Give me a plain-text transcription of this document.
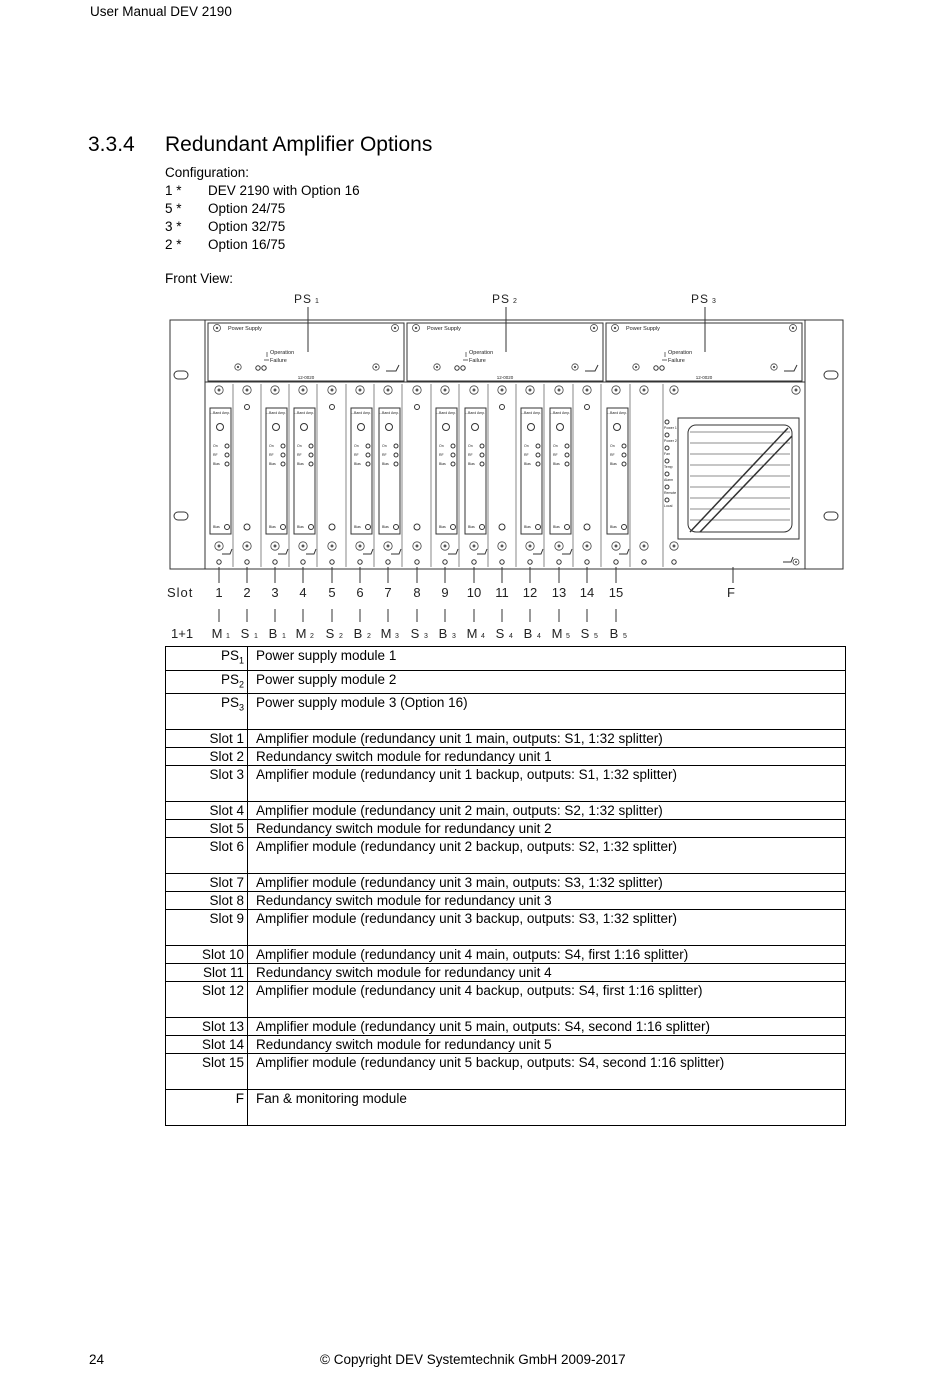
User Manual DEV 2190
3.3.4 Redundant Amplifier Options
Configuration:
1 * DEV 2190 with Option 16
5 * Option 24/75
3 * Option 32/75
2 * Option 16/75
Front View:
Power Supply
Operation
Failure
12-0020
PS 1
Power Supply
Operation
Failure
12-0020
PS 2
Power Supply
Operation
Failure
12-0020
PS 3
L-Band Amp.
On
RF
Bias
Bias
1
M 1
2
S 1
L-Band Amp.
On
RF
Bias
Bias
3
B 1
L-Band Amp.
On
RF
Bias
Bias
4
M 2
5
S 2
L-Band Amp.
On
RF
Bias
Bias
6
B 2
L-Band Amp.
On
RF
Bias
Bias
7
M 3
8
S 3
L-Band Amp.
On
RF
Bias
Bias
9
B 3
L-Band Amp.
On
RF
Bias
Bias
10
M 4
11
S 4
L-Band Amp.
On
RF
Bias
Bias
12
B 4
L-Band Amp.
On
RF
Bias
Bias
13
M 5
14
S 5
L-Band Amp.
On
RF
Bias
Bias
15
B 5
Power 1
Power 2
Fan
Temp
Alarm
Remote
Local
F
Slot
1+1
$PS_1$	Power supply module 1
$PS_2$	Power supply module 2
$PS_3$	Power supply module 3 (Option 16)
Slot 1	Amplifier module (redundancy unit 1 main, outputs: S1, 1:32 splitter)
Slot 2	Redundancy switch module for redundancy unit 1
Slot 3	Amplifier module (redundancy unit 1 backup, outputs: S1, 1:32 splitter)
Slot 4	Amplifier module (redundancy unit 2 main, outputs: S2, 1:32 splitter)
Slot 5	Redundancy switch module for redundancy unit 2
Slot 6	Amplifier module (redundancy unit 2 backup, outputs: S2, 1:32 splitter)
Slot 7	Amplifier module (redundancy unit 3 main, outputs: S3, 1:32 splitter)
Slot 8	Redundancy switch module for redundancy unit 3
Slot 9	Amplifier module (redundancy unit 3 backup, outputs: S3, 1:32 splitter)
Slot 10	Amplifier module (redundancy unit 4 main, outputs: S4, first 1:16 splitter)
Slot 11	Redundancy switch module for redundancy unit 4
Slot 12	Amplifier module (redundancy unit 4 backup, outputs: S4, first 1:16 splitter)
Slot 13	Amplifier module (redundancy unit 5 main, outputs: S4, second 1:16 splitter)
Slot 14	Redundancy switch module for redundancy unit 5
Slot 15	Amplifier module (redundancy unit 5 backup, outputs: S4, second 1:16 splitter)
F	Fan & monitoring module
24	© Copyright DEV Systemtechnik GmbH 2009-2017
